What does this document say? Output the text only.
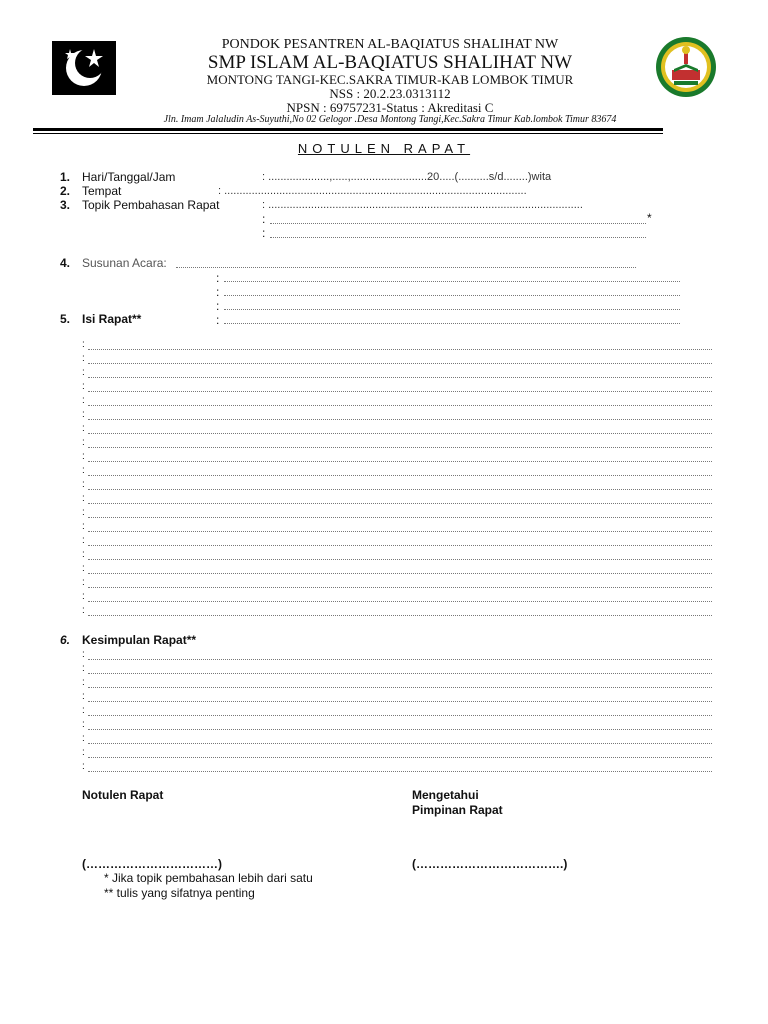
PONDOK PESANTREN AL-BAQIATUS SHALIHAT NW
SMP ISLAM AL-BAQIATUS SHALIHAT NW
MONTONG TANGI-KEC.SAKRA TIMUR-KAB LOMBOK TIMUR
NSS : 20.2.23.0313112
NPSN : 69757231-Status : Akreditasi C
Jln. Imam Jalaludin As-Suyuthi,No 02 Gelogor .Desa Montong Tangi,Kec.Sakra Timur Kab.lombok Timur 83674
NOTULEN RAPAT
1. Hari/Tanggal/Jam	: ....................,.....,.........................20.....(..........s/d........)wita
2. Tempat	: ...................................................................................................
3. Topik Pembahasan Rapat	: .......................................................................................................
:	*
:
4. Susunan Acara:
:
:
:
5. Isi Rapat**	:
:
:
:
:
:
:
:
:
:
:
:
:
:
:
:
:
:
:
:
:
6. Kesimpulan Rapat**
:
:
:
:
:
:
:
:
:
Notulen Rapat	Mengetahui
Pimpinan Rapat
(……………………………)	(……………………………….)
* Jika topik pembahasan lebih dari satu
** tulis yang sifatnya penting
